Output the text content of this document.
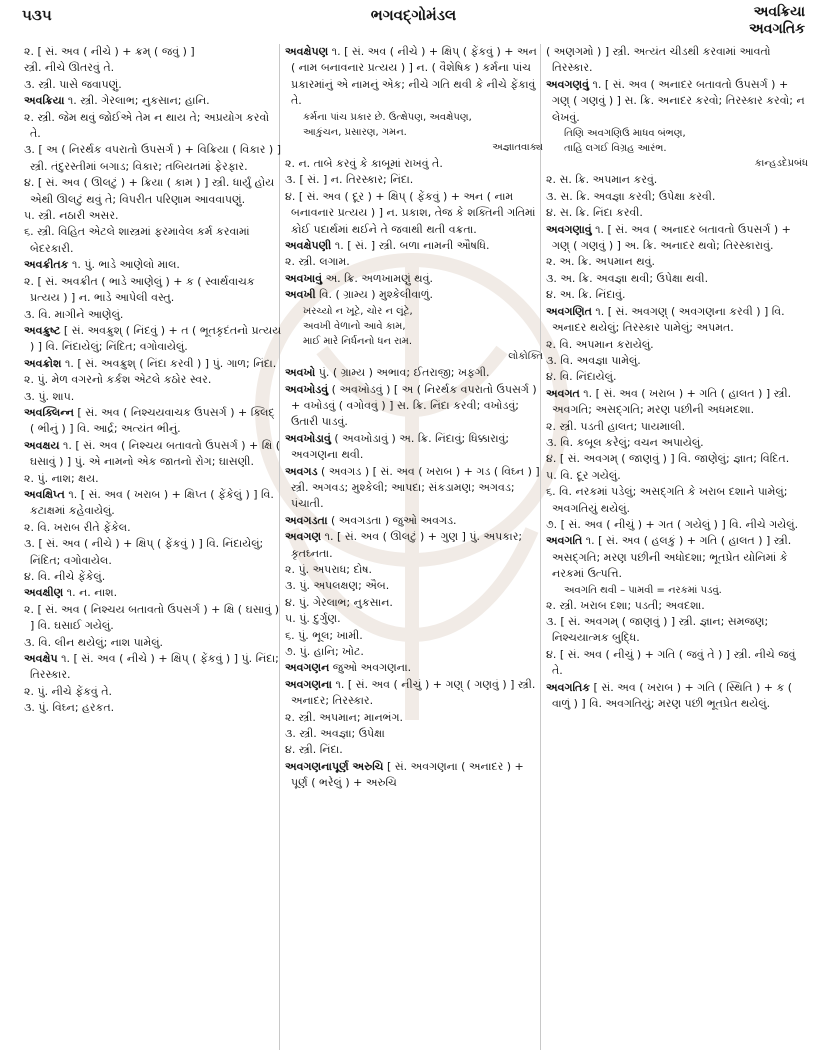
૫૩૫	ભગવદ્ગોમંડલ	અવક્રિયા
અવગતિક
૨. [ સં. અવ ( નીચે ) + ક્રમ્ ( જવું ) ]
સ્ત્રી. નીચે ઊતરવું તે.
૩. સ્ત્રી. પાસે જવાપણું.
અવક્રિયા ૧. સ્ત્રી. ગેરલાભ; નુકસાન; હાનિ.
૨. સ્ત્રી. જેમ થવું જોઈએ તેમ ન થાય તે; અપ્રયોગ કરવો તે.
૩. [ અ ( નિરર્થક વપરાતો ઉપસર્ગ ) + વિક્રિયા ( વિકાર ) ] સ્ત્રી. તંદુરસ્તીમાં બગાડ; વિકાર; તબિયતમાં ફેરફાર.
૪. [ સં. અવ ( ઊલટું ) + ક્રિયા ( કામ ) ] સ્ત્રી. ધાર્યું હોય એથી ઊલટું થવું તે; વિપરીત પરિણામ આવવાપણું.
૫. સ્ત્રી. નઠારી અસર.
૬. સ્ત્રી. વિહિત એટલે શાસ્ત્રમાં ફરમાવેલ કર્મ કરવામાં બેદરકારી.
અવક્રીતક ૧. પું. ભાડે આણેલો માલ.
૨. [ સં. અવક્રીત ( ભાડે આણેલું ) + ક ( સ્વાર્થવાચક પ્રત્યય ) ] ન. ભાડે આપેલી વસ્તુ.
૩. વિ. માગીને આણેલું.
અવક્રુષ્ટ [ સં. અવક્રુશ્ ( નિંદવું ) + ત ( ભૂતકૃદંતનો પ્રત્યય ) ] વિ. નિંદાયેલું; નિંદિત; વગોવાયેલું.
અવક્રોશ ૧. [ સં. અવક્રુશ્ ( નિંદા કરવી ) ] પું. ગાળ; નિંદા.
૨. પું. મેળ વગરનો કર્કશ એટલે કઠોર સ્વર.
૩. પું. શાપ.
અવક્લિન્ન [ સં. અવ ( નિશ્ચયવાચક ઉપસર્ગ ) + ક્લિદ્ ( ભીનું ) ] વિ. આર્દ્ર; અત્યંત ભીનું.
અવક્ષય ૧. [ સં. અવ ( નિશ્ચય બતાવતો ઉપસર્ગ ) + ક્ષિ ( ઘસાવું ) ] પું. એ નામનો એક જાતનો રોગ; ઘાસણી.
૨. પું. નાશ; ક્ષય.
અવક્ષિપ્ત ૧. [ સં. અવ ( ખરાબ ) + ક્ષિપ્ત ( ફેંકેલું ) ] વિ. કટાક્ષમાં કહેવાયેલું.
૨. વિ. ખરાબ રીતે ફેંકેલ.
૩. [ સં. અવ ( નીચે ) + ક્ષિપ્ ( ફેંકવું ) ] વિ. નિંદાયેલું; નિંદિત; વગોવાયેલ.
૪. વિ. નીચે ફેંકેલું.
અવક્ષીણ ૧. ન. નાશ.
૨. [ સં. અવ ( નિશ્ચય બતાવતો ઉપસર્ગ ) + ક્ષિ ( ઘસાવું ) ] વિ. ઘસાઈ ગયેલું.
૩. વિ. લીન થયેલું; નાશ પામેલું.
અવક્ષેપ ૧. [ સં. અવ ( નીચે ) + ક્ષિપ્ ( ફેંકવું ) ] પું. નિંદા; તિરસ્કાર.
૨. પું. નીચે ફેંકવું તે.
૩. પું. વિઘ્ન; હરકત.
અવક્ષેપણ ૧. [ સં. અવ ( નીચે ) + ક્ષિપ્ ( ફેંકવું ) + અન ( નામ બનાવનાર પ્રત્યય ) ] ન. ( વૈશેષિક ) કર્મના પાંચ પ્રકારમાંનું એ નામનું એક; નીચે ગતિ થવી કે નીચે ફેંકાવું તે.
કર્મના પાંચ પ્રકાર છે. ઉત્ક્ષેપણ, અવક્ષેપણ,
આકુંચન, પ્રસારણ, ગમન.
અજ્ઞાતવાક્ય
૨. ન. તાબે કરવું કે કાબૂમાં રાખવું તે.
૩. [ સં. ] ન. તિરસ્કાર; નિંદા.
૪. [ સં. અવ ( દૂર ) + ક્ષિપ્ ( ફેંકવું ) + અન ( નામ બનાવનાર પ્રત્યય ) ] ન. પ્રકાશ, તેજ કે શક્તિની ગતિમાં કોઈ પદાર્થમાં થઈને તે જવાથી થતી વક્રતા.
અવક્ષેપણી ૧. [ સં. ] સ્ત્રી. બળા નામની ઔષધિ.
૨. સ્ત્રી. લગામ.
અવખાવું અ. ક્રિ. અળખામણું થવું.
અવખી વિ. ( ગ્રામ્ય ) મુશ્કેલીવાળું.
ખરચ્યો ન ખૂટે, ચોર ન લૂંટે,
અવખી વેળાનો આવે કામ,
માઈ મારે નિર્ધનનો ધન રામ.
લોકોક્તિ
અવખો પું. ( ગ્રામ્ય ) અભાવ; ઈતરાજી; ખફગી.
અવખોડવું ( અવખોડવું ) [ અ ( નિરર્થક વપરાતો ઉપસર્ગ ) + વખોડવું ( વગોવવું ) ] સ. ક્રિ. નિંદા કરવી; વખોડવું; ઉતારી પાડવું.
અવખોડાવું ( અવખોડાવું ) અ. ક્રિ. નિંદાવું; ધિક્કારાવું; અવગણના થવી.
અવગડ ( અવગડ ) [ સં. અવ ( ખરાબ ) + ગડ ( વિઘ્ન ) ] સ્ત્રી. અગવડ; મુશ્કેલી; આપદા; સંકડામણ; અગવડ; પંચાતી.
અવગડતા ( અવગડતા ) જુઓ અવગડ.
અવગણ ૧. [ સં. અવ ( ઊલટું ) + ગુણ ] પું. અપકાર; કૃતઘ્નતા.
૨. પું. અપરાધ; દોષ.
૩. પું. અપલક્ષણ; ઐબ.
૪. પું. ગેરલાભ; નુકસાન.
૫. પું. દુર્ગુણ.
૬. પું. ભૂલ; ખામી.
૭. પું. હાનિ; ખોટ.
અવગણન જુઓ અવગણના.
અવગણના ૧. [ સં. અવ ( નીચું ) + ગણ્ ( ગણવું ) ] સ્ત્રી. અનાદર; તિરસ્કાર.
૨. સ્ત્રી. અપમાન; માનભંગ.
૩. સ્ત્રી. અવજ્ઞા; ઉપેક્ષા
૪. સ્ત્રી. નિંદા.
અવગણનાપૂર્ણ અરુચિ [ સં. અવગણના ( અનાદર ) + પૂર્ણ ( ભરેલું ) + અરુચિ
( અણગમો ) ] સ્ત્રી. અત્યંત ચીડથી કરવામાં આવતો તિરસ્કાર.
અવગણવું ૧. [ સં. અવ ( અનાદર બતાવતો ઉપસર્ગ ) + ગણ્ ( ગણવું ) ] સ. ક્રિ. અનાદર કરવો; તિરસ્કાર કરવો; ન લેખવું.
તિણિ અવગણિઉ માધવ બંભણ,
તાહિ લગઈ વિગ્રહ આરંભ.
કાન્હડદેપ્રબંધ
૨. સ. ક્રિ. અપમાન કરવું.
૩. સ. ક્રિ. અવજ્ઞા કરવી; ઉપેક્ષા કરવી.
૪. સ. ક્રિ. નિંદા કરવી.
અવગણાવું ૧. [ સં. અવ ( અનાદર બતાવતો ઉપસર્ગ ) + ગણ્ ( ગણવું ) ] અ. ક્રિ. અનાદર થવો; તિરસ્કારાવું.
૨. અ. ક્રિ. અપમાન થવું.
૩. અ. ક્રિ. અવજ્ઞા થવી; ઉપેક્ષા થવી.
૪. અ. ક્રિ. નિંદાવું.
અવગણિત ૧. [ સં. અવગણ્ ( અવગણના કરવી ) ] વિ. અનાદર થયેલું; તિરસ્કાર પામેલું; અપમત.
૨. વિ. અપમાન કરાયેલું.
૩. વિ. અવજ્ઞા પામેલું.
૪. વિ. નિંદાયેલું.
અવગત ૧. [ સં. અવ ( ખરાબ ) + ગતિ ( હાલત ) ] સ્ત્રી. અવગતિ; અસદ્ગતિ; મરણ પછીની અધમદશા.
૨. સ્ત્રી. પડતી હાલત; પાયમાલી.
૩. વિ. કબૂલ કરેલું; વચન અપાયેલું.
૪. [ સં. અવગમ્ ( જાણવું ) ] વિ. જાણેલું; જ્ઞાત; વિદિત.
૫. વિ. દૂર ગયેલું.
૬. વિ. નરકમાં પડેલું; અસદ્ગતિ કે ખરાબ દશાને પામેલું; અવગતિયું થયેલું.
૭. [ સં. અવ ( નીચું ) + ગત ( ગયેલું ) ] વિ. નીચે ગયેલું.
અવગતિ ૧. [ સં. અવ ( હલકું ) + ગતિ ( હાલત ) ] સ્ત્રી. અસદ્ગતિ; મરણ પછીની અધોદશા; ભૂતપ્રેત યોનિમાં કે નરકમાં ઉત્પત્તિ.
અવગતિ થવી – પામવી = નરકમાં પડવું.
૨. સ્ત્રી. ખરાબ દશા; પડતી; અવદશા.
૩. [ સં. અવગમ્ ( જાણવું ) ] સ્ત્રી. જ્ઞાન; સમજણ; નિશ્ચયાત્મક બુદ્ધિ.
૪. [ સં. અવ ( નીચું ) + ગતિ ( જવું તે ) ] સ્ત્રી. નીચે જવું તે.
અવગતિક [ સં. અવ ( ખરાબ ) + ગતિ ( સ્થિતિ ) + ક ( વાળું ) ] વિ. અવગતિયું; મરણ પછી ભૂતપ્રેત થયેલું.
